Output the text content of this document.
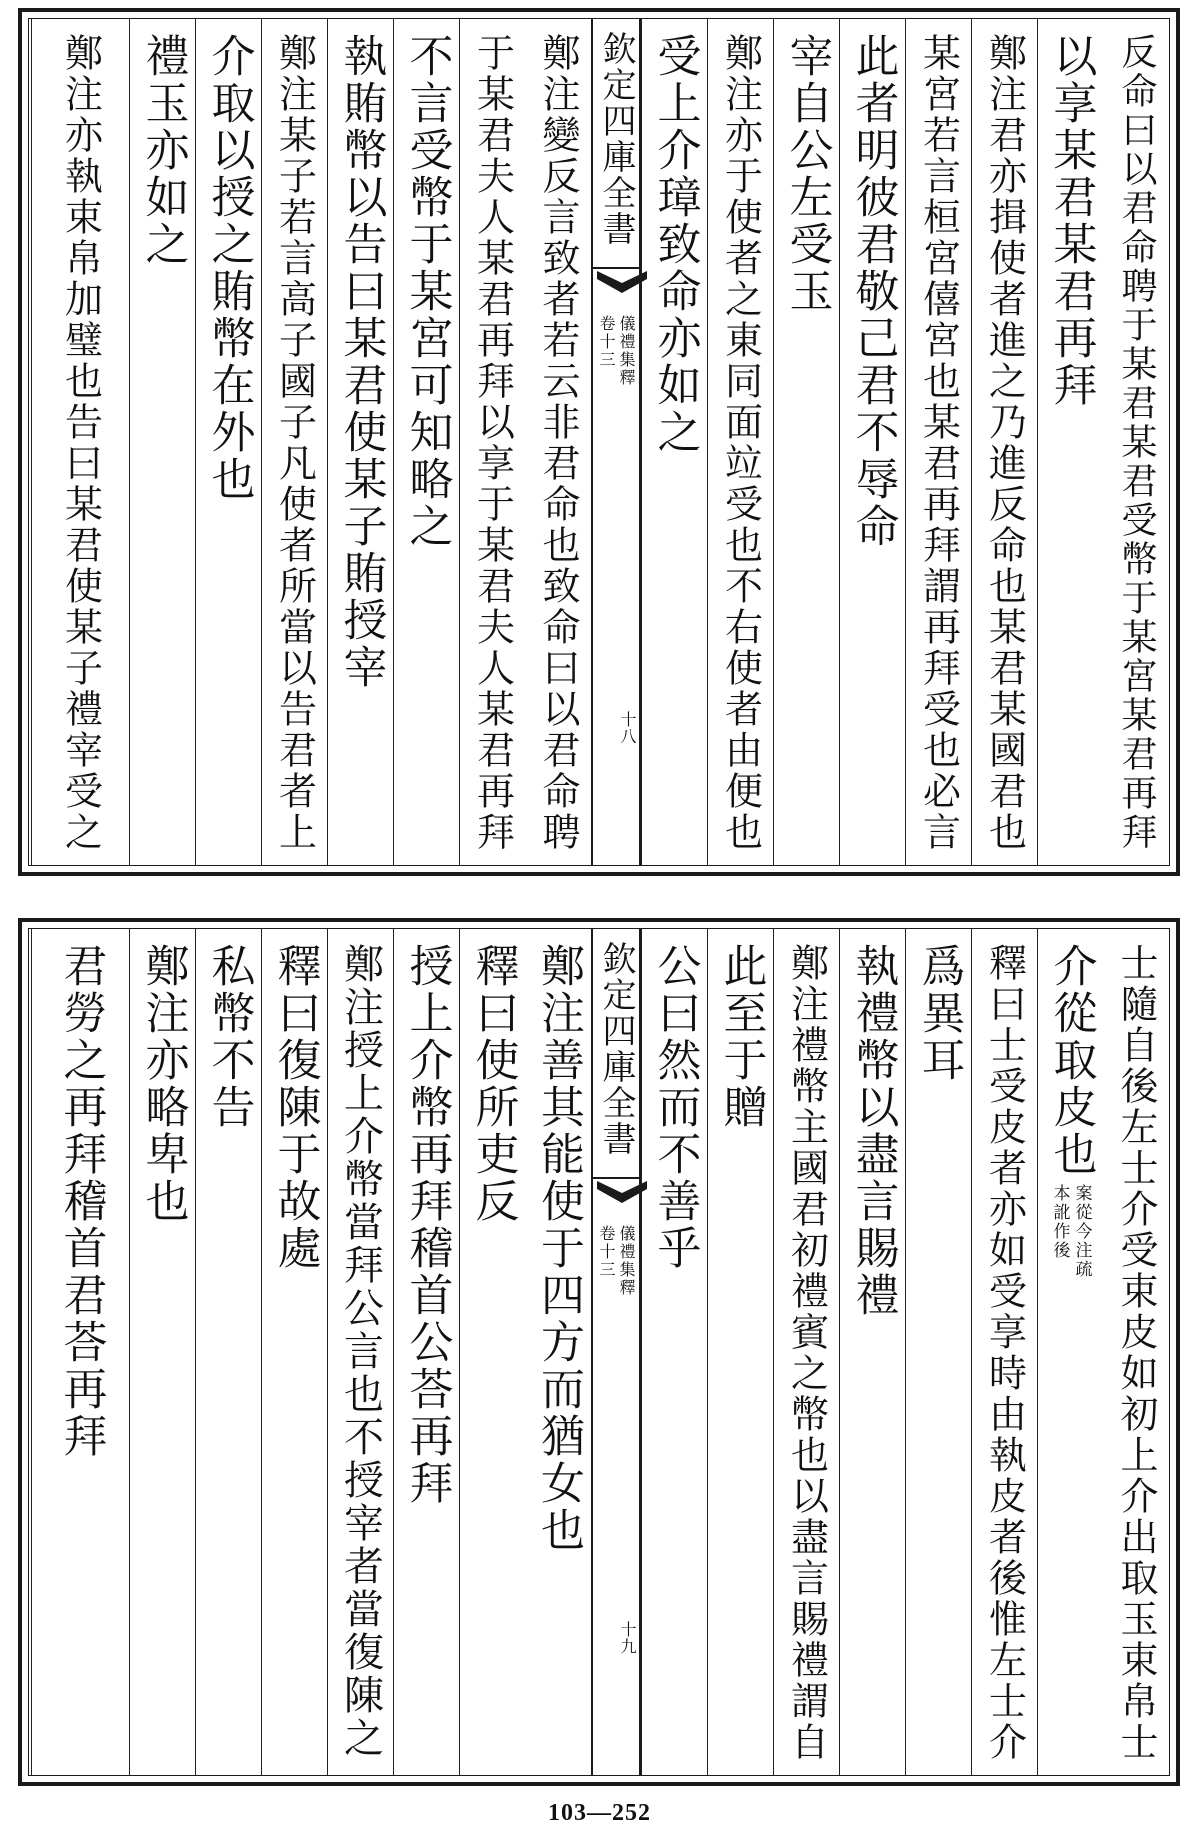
反命曰以君命聘于某君某君受幣于某宮某君再拜
以享某君某君再拜
鄭注君亦揖使者進之乃進反命也某君某國君也
某宮若言桓宮僖宮也某君再拜謂再拜受也必言
此者明彼君敬己君不辱命
宰自公左受玉
鄭注亦于使者之東同面竝受也不右使者由便也
受上介璋致命亦如之
欽定四庫全書
儀禮集釋
卷十三
十八
鄭注變反言致者若云非君命也致命曰以君命聘
于某君夫人某君再拜以享于某君夫人某君再拜
不言受幣于某宮可知略之
執賄幣以告曰某君使某子賄授宰
鄭注某子若言高子國子凡使者所當以告君者上
介取以授之賄幣在外也
禮玉亦如之
鄭注亦執束帛加璧也告曰某君使某子禮宰受之
士隨自後左士介受束皮如初上介出取玉束帛士
介從取皮也
案從今注疏
本訛作後
釋曰士受皮者亦如受享時由執皮者後惟左士介
爲異耳
執禮幣以盡言賜禮
鄭注禮幣主國君初禮賓之幣也以盡言賜禮謂自
此至于贈
公曰然而不善乎
欽定四庫全書
儀禮集釋
卷十三
十九
鄭注善其能使于四方而猶女也
釋曰使所吏反
授上介幣再拜稽首公荅再拜
鄭注授上介幣當拜公言也不授宰者當復陳之
釋曰復陳于故處
私幣不告
鄭注亦略卑也
君勞之再拜稽首君荅再拜
103—252
